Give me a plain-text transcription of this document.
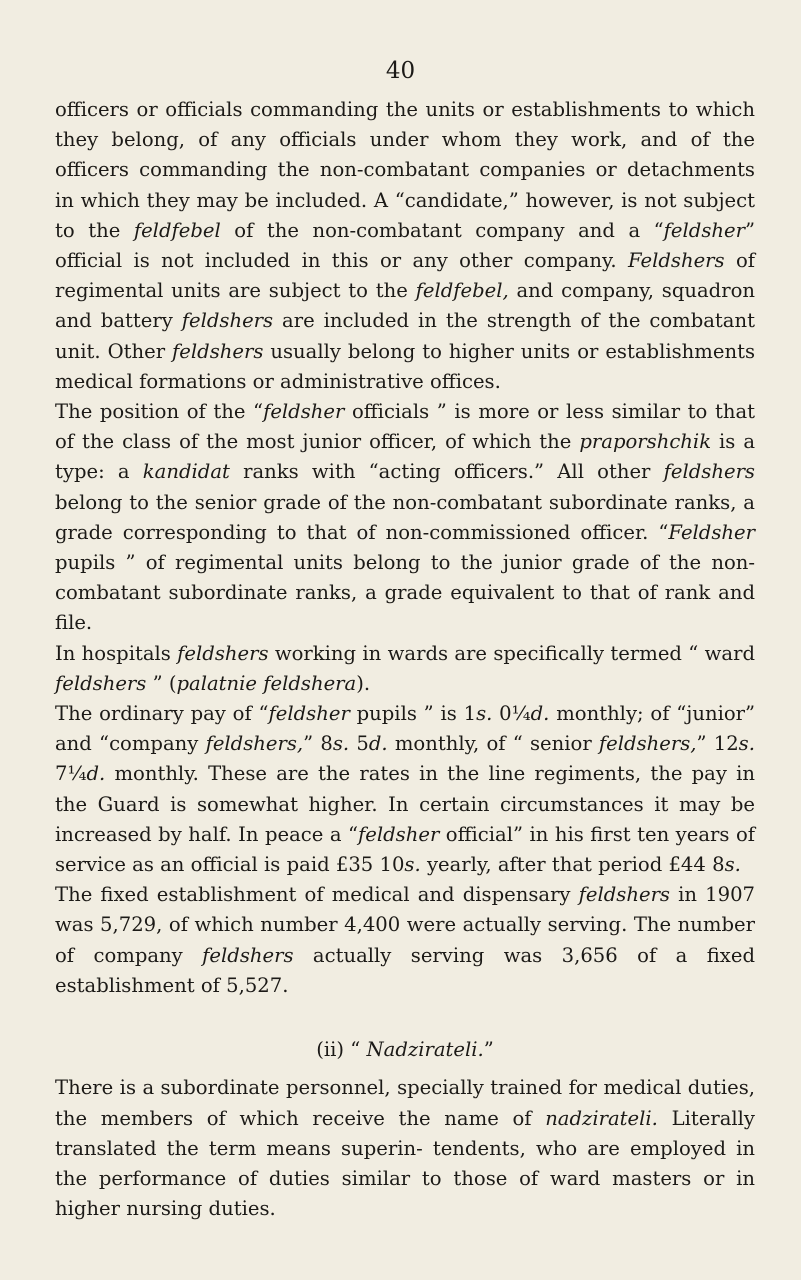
40

officers or officials commanding the units or establishments to which they belong, of any officials under whom they work, and of the officers commanding the non-combatant companies or detachments in which they may be included. A “candidate,” however, is not subject to the feldfebel of the non-combatant company and a “feldsher” official is not included in this or any other company. Feldshers of regimental units are subject to the feldfebel, and company, squadron and battery feldshers are included in the strength of the combatant unit. Other feldshers usually belong to higher units or establishments medical formations or administrative offices.

The position of the “feldsher officials ” is more or less similar to that of the class of the most junior officer, of which the praporshchik is a type: a kandidat ranks with “acting officers.” All other feldshers belong to the senior grade of the non-combatant subordinate ranks, a grade corresponding to that of non-commissioned officer. “Feldsher pupils ” of regimental units belong to the junior grade of the non-combatant subordinate ranks, a grade equivalent to that of rank and file.

In hospitals feldshers working in wards are specifically termed “ ward feldshers ” (palatnie feldshera).

The ordinary pay of “feldsher pupils ” is 1s. 0¼d. monthly; of “junior” and “company feldshers,” 8s. 5d. monthly, of “ senior feldshers,” 12s. 7¼d. monthly. These are the rates in the line regiments, the pay in the Guard is somewhat higher. In certain circumstances it may be increased by half. In peace a “feldsher official” in his first ten years of service as an official is paid £35 10s. yearly, after that period £44 8s.

The fixed establishment of medical and dispensary feldshers in 1907 was 5,729, of which number 4,400 were actually serving. The number of company feldshers actually serving was 3,656 of a fixed establishment of 5,527.

(ii) “ Nadzirateli.”

There is a subordinate personnel, specially trained for medical duties, the members of which receive the name of nadzirateli. Literally translated the term means superin- tendents, who are employed in the performance of duties similar to those of ward masters or in higher nursing duties.
